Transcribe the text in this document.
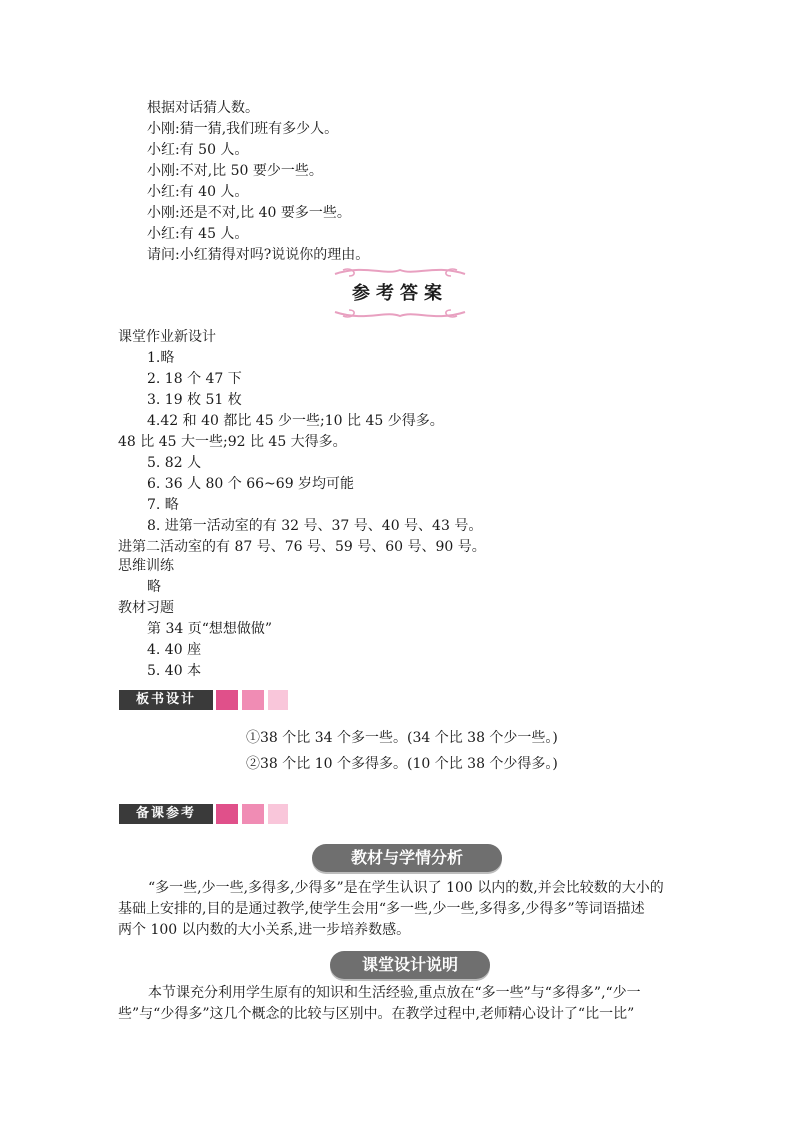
根据对话猜人数。
小刚:猜一猜,我们班有多少人。
小红:有 50 人。
小刚:不对,比 50 要少一些。
小红:有 40 人。
小刚:还是不对,比 40 要多一些。
小红:有 45 人。
请问:小红猜得对吗?说说你的理由。
参考答案
课堂作业新设计
1.略
2. 18 个 47 下
3. 19 枚 51 枚
4.42 和 40 都比 45 少一些;10 比 45 少得多。
48 比 45 大一些;92 比 45 大得多。
5. 82 人
6. 36 人 80 个 66~69 岁均可能
7. 略
8. 进第一活动室的有 32 号、37 号、40 号、43 号。
进第二活动室的有 87 号、76 号、59 号、60 号、90 号。
思维训练
略
教材习题
第 34 页“想想做做”
4. 40 座
5. 40 本
板书设计
①38 个比 34 个多一些。(34 个比 38 个少一些。)
②38 个比 10 个多得多。(10 个比 38 个少得多。)
备课参考
教材与学情分析
“多一些,少一些,多得多,少得多”是在学生认识了 100 以内的数,并会比较数的大小的
基础上安排的,目的是通过教学,使学生会用“多一些,少一些,多得多,少得多”等词语描述
两个 100 以内数的大小关系,进一步培养数感。
课堂设计说明
本节课充分利用学生原有的知识和生活经验,重点放在“多一些”与“多得多”,“少一
些”与“少得多”这几个概念的比较与区别中。在教学过程中,老师精心设计了“比一比”
